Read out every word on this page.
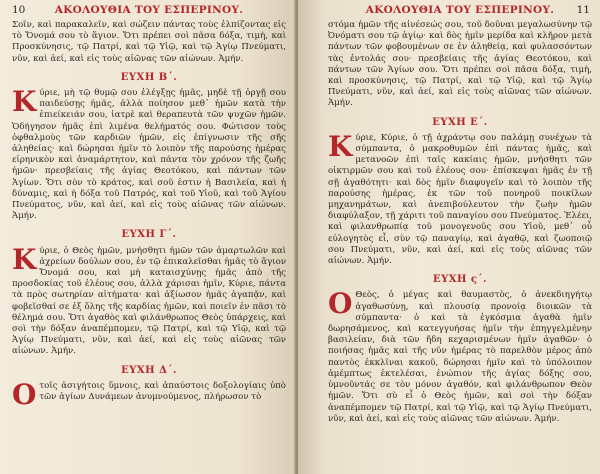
10	ΑΚΟΛΟΥΘΙΑ ΤΟΥ ΕΣΠΕΡΙΝΟΥ.

Σοῖν, καὶ παρακαλεῖν, καὶ σώζειν πάντας τοὺς ἐλπίζοντας εἰς τὸ Ὄνομά σου τὸ ἅγιον. Ὅτι πρέπει σοὶ πᾶσα δόξα, τιμὴ, καὶ Προσκύνησις, τῷ Πατρί, καὶ τῷ Υἱῷ, καὶ τῷ Ἁγίῳ Πνεύματι, νῦν, καὶ ἀεί, καὶ εἰς τοὺς αἰῶνας τῶν αἰώνων. Ἀμήν.

ΕΥΧΗ Β΄.

Κύριε, μὴ τῷ θυμῷ σου ἐλέγξῃς ἡμᾶς, μηδὲ τῇ ὀργῇ σου παιδεύσῃς ἡμᾶς, ἀλλὰ ποίησον μεθ᾽ ἡμῶν κατὰ τὴν ἐπιείκειάν σου, ἰατρὲ καὶ θεραπευτὰ τῶν ψυχῶν ἡμῶν. Ὁδήγησον ἡμᾶς ἐπὶ λιμένα θελήματός σου. Φώτισον τοὺς ὀφθαλμοὺς τῶν καρδιῶν ἡμῶν, εἰς ἐπίγνωσιν τῆς σῆς ἀληθείας· καὶ δώρησαι ἡμῖν τὸ λοιπὸν τῆς παρούσης ἡμέρας εἰρηνικὸν καὶ ἀναμάρτητον, καὶ πάντα τὸν χρόνον τῆς ζωῆς ἡμῶν· πρεσβείαις τῆς ἁγίας Θεοτόκου, καὶ πάντων τῶν Ἁγίων. Ὅτι σὸν τὸ κράτος, καὶ σοῦ ἐστιν ἡ Βασιλεία, καὶ ἡ δύναμις, καὶ ἡ δόξα τοῦ Πατρός, καὶ τοῦ Υἱοῦ, καὶ τοῦ Ἁγίου Πνεύματος, νῦν, καὶ ἀεί, καὶ εἰς τοὺς αἰῶνας τῶν αἰώνων. Ἀμήν.

ΕΥΧΗ Γ΄.

Κύριε, ὁ Θεὸς ἡμῶν, μνήσθητι ἡμῶν τῶν ἁμαρτωλῶν καὶ ἀχρείων δούλων σου, ἐν τῷ ἐπικαλεῖσθαι ἡμᾶς τὸ ἅγιον Ὄνομά σου, καὶ μὴ καταισχύνῃς ἡμᾶς ἀπὸ τῆς προσδοκίας τοῦ ἐλέους σου, ἀλλὰ χάρισαι ἡμῖν, Κύριε, πάντα τὰ πρὸς σωτηρίαν αἰτήματα· καὶ ἀξίωσον ἡμᾶς ἀγαπᾷν, καὶ φοβεῖσθαί σε ἐξ ὅλης τῆς καρδίας ἡμῶν, καὶ ποιεῖν ἐν πᾶσι τὸ θέλημά σου. Ὅτι ἀγαθὸς καὶ φιλάνθρωπος Θεὸς ὑπάρχεις, καὶ σοὶ τὴν δόξαν ἀναπέμπομεν, τῷ Πατρί, καὶ τῷ Υἱῷ, καὶ τῷ Ἁγίῳ Πνεύματι, νῦν, καὶ ἀεί, καὶ εἰς τοὺς αἰῶνας τῶν αἰώνων. Ἀμήν.

ΕΥΧΗ Δ΄.

Οτοῖς ἀσιγήτοις ὕμνοις, καὶ ἀπαύστοις δοξολογίαις ὑπὸ τῶν ἁγίων Δυνάμεων ἀνυμνούμενος, πλήρωσον τὸ

ΑΚΟΛΟΥΘΙΑ ΤΟΥ ΕΣΠΕΡΙΝΟΥ.	11

στόμα ἡμῶν τῆς αἰνέσεώς σου, τοῦ δοῦναι μεγαλωσύνην τῷ Ὀνόματι σου τῷ ἁγίῳ· καὶ δὸς ἡμῖν μερίδα καὶ κλῆρον μετὰ πάντων τῶν φοβουμένων σε ἐν ἀληθείᾳ, καὶ φυλασσόντων τὰς ἐντολάς σου· πρεσβείαις τῆς ἁγίας Θεοτόκου, καὶ πάντων τῶν Ἁγίων σου. Ὅτι πρέπει σοὶ πᾶσα δόξα, τιμὴ, καὶ προσκύνησις, τῷ Πατρί, καὶ τῷ Υἱῷ, καὶ τῷ Ἁγίῳ Πνεύματι, νῦν, καὶ ἀεί, καὶ εἰς τοὺς αἰῶνας τῶν αἰώνων. Ἀμήν.

ΕΥΧΗ Ε΄.

Κύριε, Κύριε, ὁ τῇ ἀχράντῳ σου παλάμῃ συνέχων τὰ σύμπαντα, ὁ μακροθυμῶν ἐπὶ πάντας ἡμᾶς, καὶ μετανοῶν ἐπὶ ταῖς κακίαις ἡμῶν, μνήσθητι τῶν οἰκτιρμῶν σου καὶ τοῦ ἐλέους σου· ἐπίσκεψαι ἡμᾶς ἐν τῇ σῇ ἀγαθότητι· καὶ δὸς ἡμῖν διαφυγεῖν καὶ τὸ λοιπὸν τῆς παρούσης ἡμέρας, ἐκ τῶν τοῦ πονηροῦ ποικίλων μηχανημάτων, καὶ ἀνεπιβούλευτον τὴν ζωὴν ἡμῶν διαφύλαξον, τῇ χάριτι τοῦ παναγίου σου Πνεύματος. Ἐλέει, καὶ φιλανθρωπίᾳ τοῦ μονογενοῦς σου Υἱοῦ, μεθ᾽ οὗ εὐλογητὸς εἶ, σὺν τῷ παναγίῳ, καὶ ἀγαθῷ, καὶ ζωοποιῷ σου Πνεύματι, νῦν, καὶ ἀεί, καὶ εἰς τοὺς αἰῶνας τῶν αἰώνων. Ἀμήν.

ΕΥΧΗ ς΄.

Ο Θεὸς, ὁ μέγας καὶ θαυμαστὸς, ὁ ἀνεκδιηγήτῳ ἀγαθωσύνῃ, καὶ πλουσίᾳ προνοίᾳ διοικῶν τὰ σύμπαντα· ὁ καὶ τὰ ἐγκόσμια ἀγαθὰ ἡμῖν δωρησάμενος, καὶ κατεγγυήσας ἡμῖν τὴν ἐπηγγελμένην βασιλείαν, διὰ τῶν ἤδη κεχαρισμένων ἡμῖν ἀγαθῶν· ὁ ποιήσας ἡμᾶς καὶ τῆς νῦν ἡμέρας τὸ παρελθὸν μέρος ἀπὸ παντὸς ἐκκλῖναι κακοῦ, δώρησαι ἡμῖν καὶ τὸ ὑπόλοιπον ἀμέμπτως ἐκτελέσαι, ἐνώπιον τῆς ἁγίας δόξης σου, ὑμνοῦντάς σε τὸν μόνον ἀγαθόν, καὶ φιλάνθρωπον Θεὸν ἡμῶν. Ὅτι σὺ εἶ ὁ Θεὸς ἡμῶν, καὶ σοὶ τὴν δόξαν ἀναπέμπομεν τῷ Πατρί, καὶ τῷ Υἱῷ, καὶ τῷ Ἁγίῳ Πνεύματι, νῦν, καὶ ἀεί, καὶ εἰς τοὺς αἰῶνας τῶν αἰώνων. Ἀμήν.
